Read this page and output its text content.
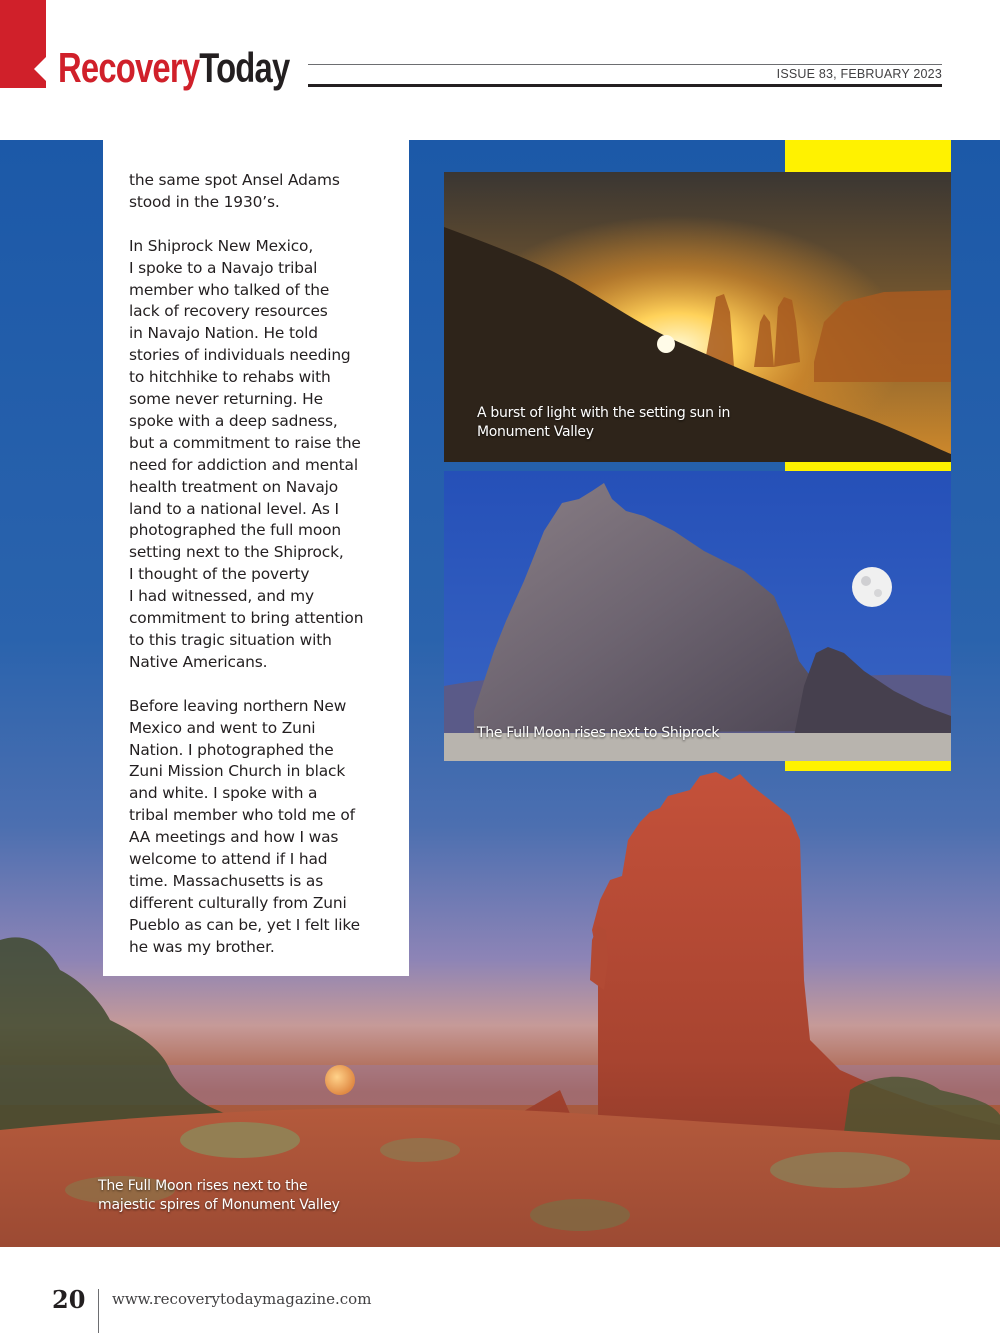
RecoveryToday	ISSUE 83, FEBRUARY 2023
The Full Moon rises next to the
majestic spires of Monument Valley
A burst of light with the setting sun in
Monument Valley
The Full Moon rises next to Shiprock

the same spot Ansel Adams
stood in the 1930’s.

In Shiprock New Mexico,
I spoke to a Navajo tribal
member who talked of the
lack of recovery resources
in Navajo Nation. He told
stories of individuals needing
to hitchhike to rehabs with
some never returning. He
spoke with a deep sadness,
but a commitment to raise the
need for addiction and mental
health treatment on Navajo
land to a national level. As I
photographed the full moon
setting next to the Shiprock,
I thought of the poverty
I had witnessed, and my
commitment to bring attention
to this tragic situation with
Native Americans.

Before leaving northern New
Mexico and went to Zuni
Nation. I photographed the
Zuni Mission Church in black
and white. I spoke with a
tribal member who told me of
AA meetings and how I was
welcome to attend if I had
time. Massachusetts is as
different culturally from Zuni
Pueblo as can be, yet I felt like
he was my brother.

20 www.recoverytodaymagazine.com
